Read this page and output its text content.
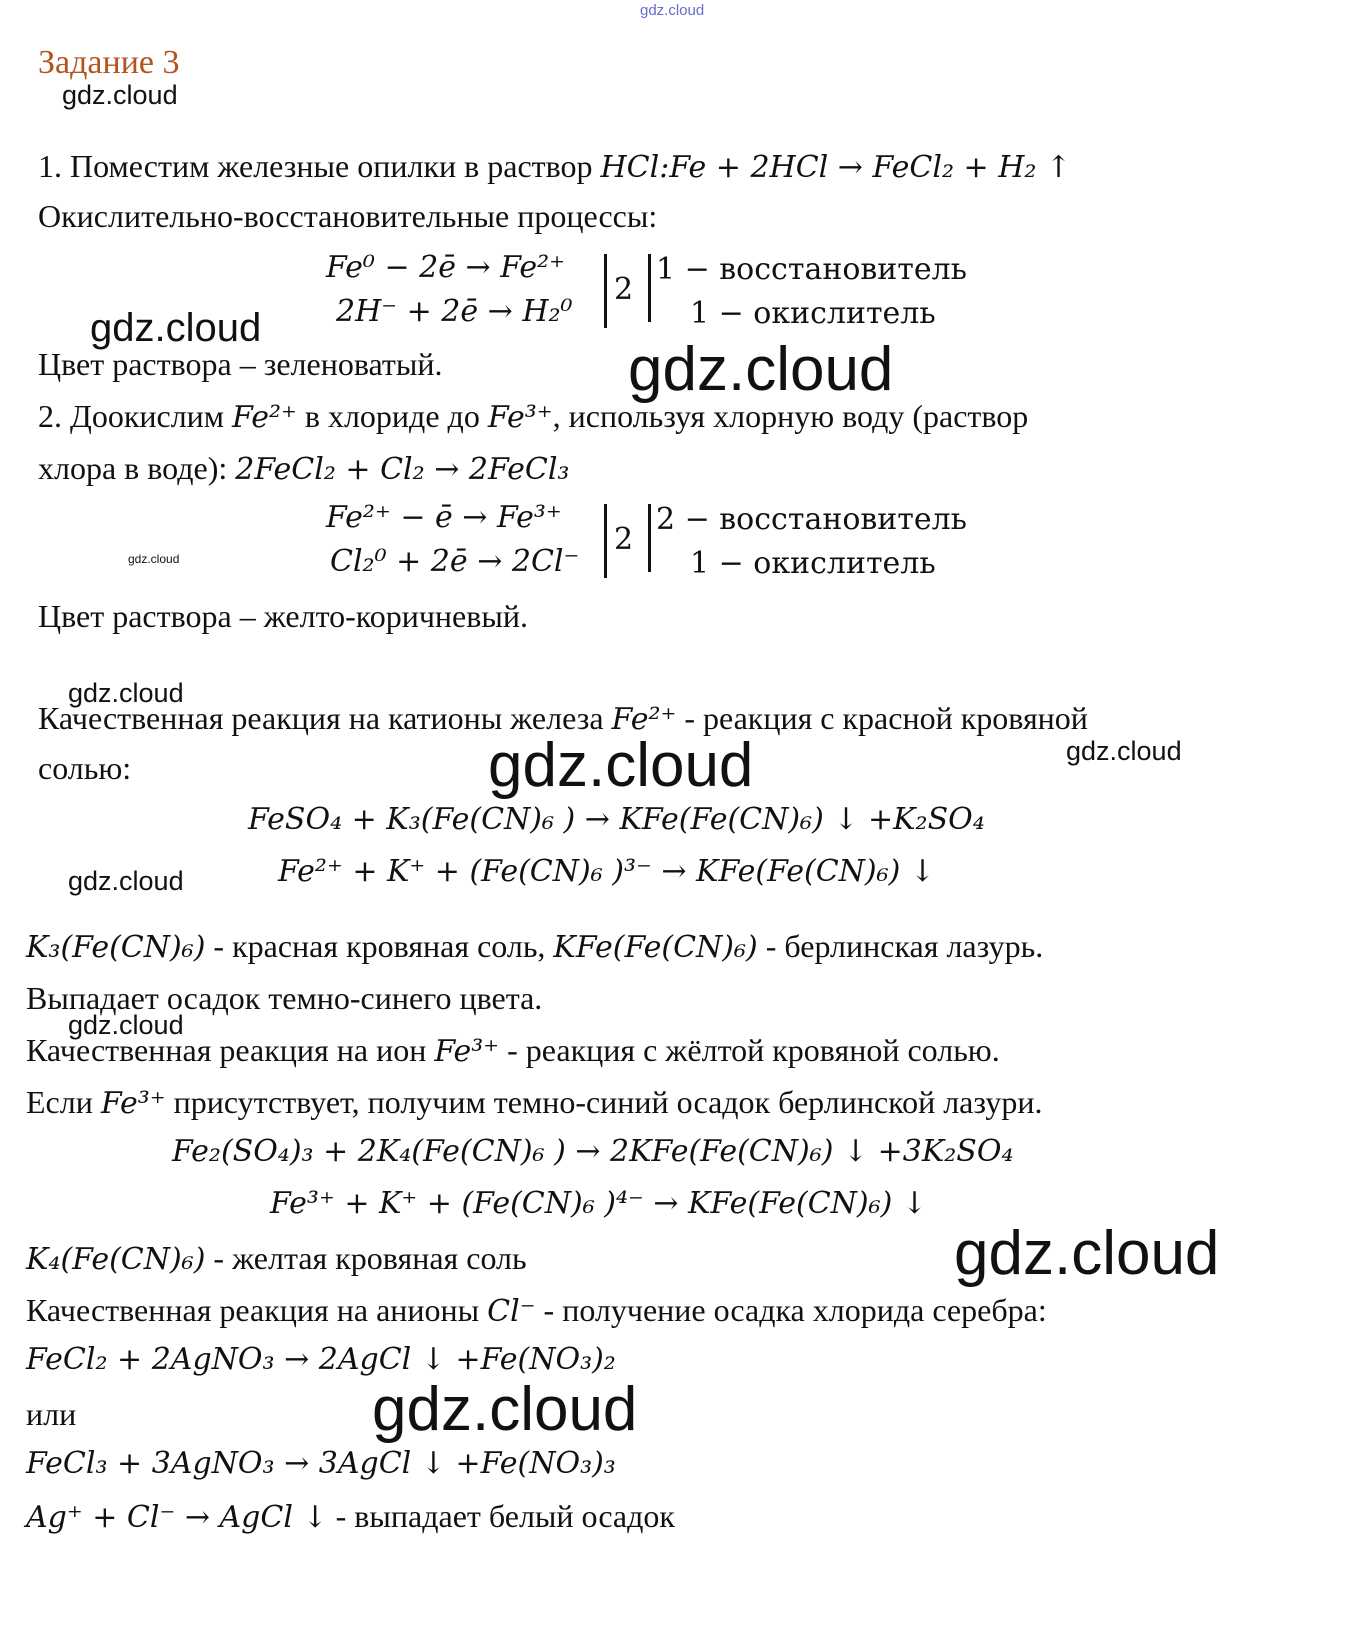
gdz.cloud
Задание 3
gdz.cloud
1. Поместим железные опилки в раствор HCl:Fe + 2HCl → FeCl₂ + H₂ ↑
Окислительно-восстановительные процессы:
Fe⁰ − 2ē → Fe²⁺
2H⁻ + 2ē → H₂⁰
2
1 − восстановитель
1 − окислитель
gdz.cloud
Цвет раствора – зеленоватый.	gdz.cloud
2. Доокислим Fe²⁺ в хлориде до Fe³⁺, используя хлорную воду (раствор
хлора в воде): 2FeCl₂ + Cl₂ → 2FeCl₃
Fe²⁺ − ē → Fe³⁺
Cl₂⁰ + 2ē → 2Cl⁻
2
2 − восстановитель
1 − окислитель
gdz.cloud
Цвет раствора – желто-коричневый.
gdz.cloud
Качественная реакция на катионы железа Fe²⁺ - реакция с красной кровяной
gdz.cloud
солью:	gdz.cloud
FeSO₄ + K₃(Fe(CN)₆ ) → KFe(Fe(CN)₆) ↓ +K₂SO₄
Fe²⁺ + K⁺ + (Fe(CN)₆ )³⁻ → KFe(Fe(CN)₆) ↓
gdz.cloud
K₃(Fe(CN)₆) - красная кровяная соль, KFe(Fe(CN)₆) - берлинская лазурь.
Выпадает осадок темно-синего цвета.
gdz.cloud
Качественная реакция на ион Fe³⁺ - реакция с жёлтой кровяной солью.
Если Fe³⁺ присутствует, получим темно-синий осадок берлинской лазури.
Fe₂(SO₄)₃ + 2K₄(Fe(CN)₆ ) → 2KFe(Fe(CN)₆) ↓ +3K₂SO₄
Fe³⁺ + K⁺ + (Fe(CN)₆ )⁴⁻ → KFe(Fe(CN)₆) ↓
K₄(Fe(CN)₆) - желтая кровяная соль	gdz.cloud
Качественная реакция на анионы Cl⁻ - получение осадка хлорида серебра:
FeCl₂ + 2AgNO₃ → 2AgCl ↓ +Fe(NO₃)₂
или	gdz.cloud
FeCl₃ + 3AgNO₃ → 3AgCl ↓ +Fe(NO₃)₃
Ag⁺ + Cl⁻ → AgCl ↓ - выпадает белый осадок
